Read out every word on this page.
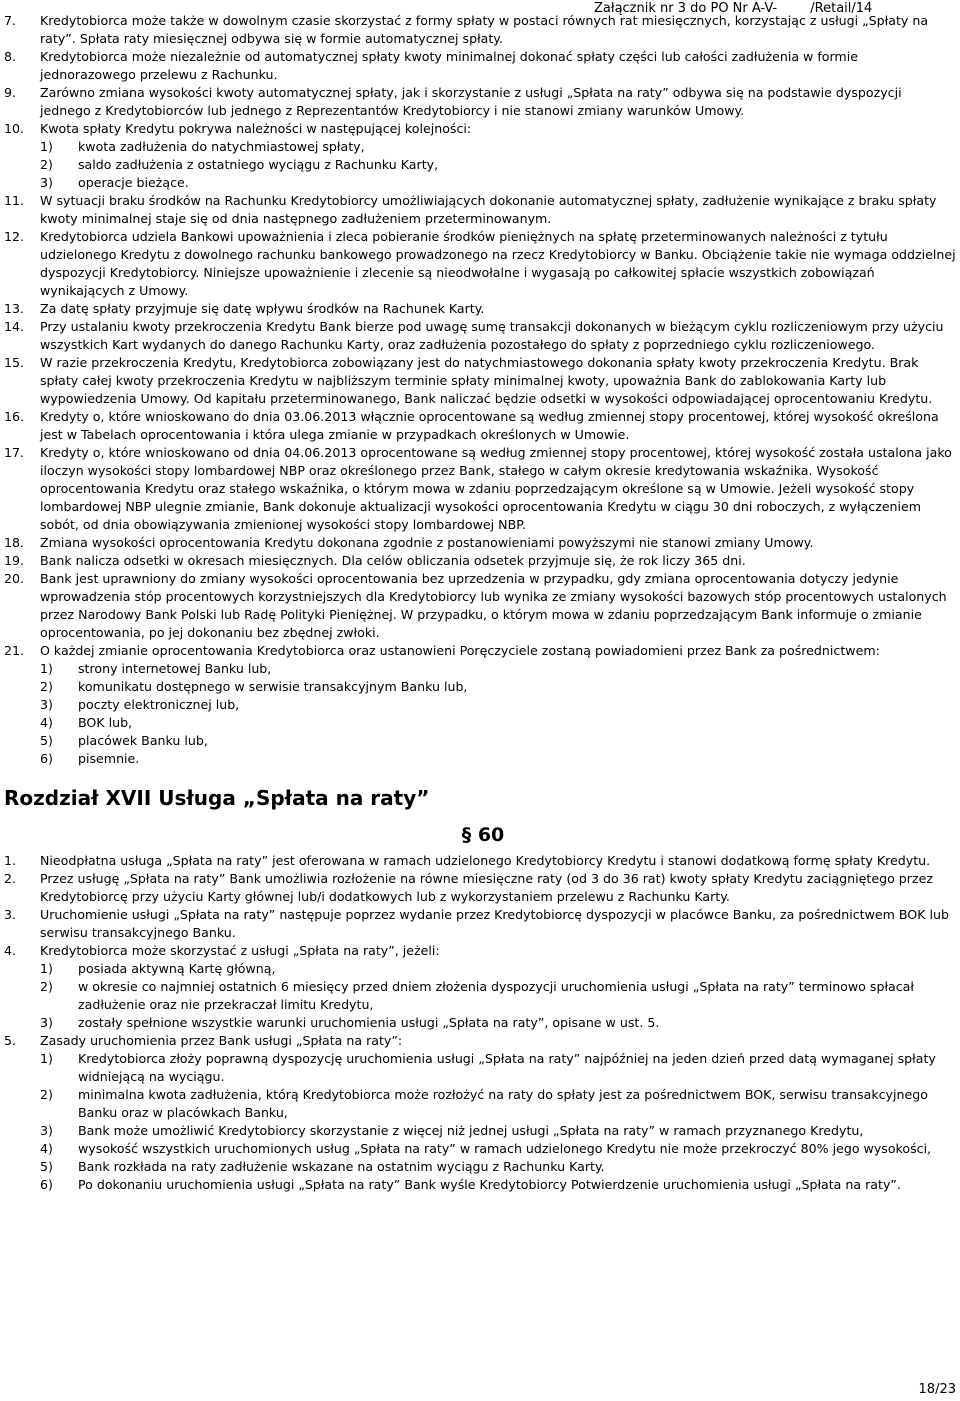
Załącznik nr 3 do PO Nr A-V-        /Retail/14
7. Kredytobiorca może także w dowolnym czasie skorzystać z formy spłaty w postaci równych rat miesięcznych, korzystając z usługi „Spłaty na raty”. Spłata raty miesięcznej odbywa się w formie automatycznej spłaty.
8. Kredytobiorca może niezależnie od automatycznej spłaty kwoty minimalnej dokonać spłaty części lub całości zadłużenia w formie jednorazowego przelewu z Rachunku.
9. Zarówno zmiana wysokości kwoty automatycznej spłaty, jak i skorzystanie z usługi „Spłata na raty” odbywa się na podstawie dyspozycji jednego z Kredytobiorców lub jednego z Reprezentantów Kredytobiorcy i nie stanowi zmiany warunków Umowy.
10. Kwota spłaty Kredytu pokrywa należności w następującej kolejności:
1) kwota zadłużenia do natychmiastowej spłaty,
2) saldo zadłużenia z ostatniego wyciągu z Rachunku Karty,
3) operacje bieżące.
11. W sytuacji braku środków na Rachunku Kredytobiorcy umożliwiających dokonanie automatycznej spłaty, zadłużenie wynikające z braku spłaty kwoty minimalnej staje się od dnia następnego zadłużeniem przeterminowanym.
12. Kredytobiorca udziela Bankowi upoważnienia i zleca pobieranie środków pieniężnych na spłatę przeterminowanych należności z tytułu udzielonego Kredytu z dowolnego rachunku bankowego prowadzonego na rzecz Kredytobiorcy w Banku. Obciążenie takie nie wymaga oddzielnej dyspozycji Kredytobiorcy. Niniejsze upoważnienie i zlecenie są nieodwołalne i wygasają po całkowitej spłacie wszystkich zobowiązań wynikających z Umowy.
13. Za datę spłaty przyjmuje się datę wpływu środków na Rachunek Karty.
14. Przy ustalaniu kwoty przekroczenia Kredytu Bank bierze pod uwagę sumę transakcji dokonanych w bieżącym cyklu rozliczeniowym przy użyciu wszystkich Kart wydanych do danego Rachunku Karty, oraz zadłużenia pozostałego do spłaty z poprzedniego cyklu rozliczeniowego.
15. W razie przekroczenia Kredytu, Kredytobiorca zobowiązany jest do natychmiastowego dokonania spłaty kwoty przekroczenia Kredytu. Brak spłaty całej kwoty przekroczenia Kredytu w najbliższym terminie spłaty minimalnej kwoty, upoważnia Bank do zablokowania Karty lub wypowiedzenia Umowy. Od kapitału przeterminowanego, Bank naliczać będzie odsetki w wysokości odpowiadającej oprocentowaniu Kredytu.
16. Kredyty o, które wnioskowano do dnia 03.06.2013 włącznie oprocentowane są według zmiennej stopy procentowej, której wysokość określona jest w Tabelach oprocentowania i która ulega zmianie w przypadkach określonych w Umowie.
17. Kredyty o, które wnioskowano od dnia 04.06.2013 oprocentowane są według zmiennej stopy procentowej, której wysokość została ustalona jako iloczyn wysokości stopy lombardowej NBP oraz określonego przez Bank, stałego w całym okresie kredytowania wskaźnika. Wysokość oprocentowania Kredytu oraz stałego wskaźnika, o którym mowa w zdaniu poprzedzającym określone są w Umowie. Jeżeli wysokość stopy lombardowej NBP ulegnie zmianie, Bank dokonuje aktualizacji wysokości oprocentowania Kredytu w ciągu 30 dni roboczych, z wyłączeniem sobót, od dnia obowiązywania zmienionej wysokości stopy lombardowej NBP.
18. Zmiana wysokości oprocentowania Kredytu dokonana zgodnie z postanowieniami powyższymi nie stanowi zmiany Umowy.
19. Bank nalicza odsetki w okresach miesięcznych. Dla celów obliczania odsetek przyjmuje się, że rok liczy 365 dni.
20. Bank jest uprawniony do zmiany wysokości oprocentowania bez uprzedzenia w przypadku, gdy zmiana oprocentowania dotyczy jedynie wprowadzenia stóp procentowych korzystniejszych dla Kredytobiorcy lub wynika ze zmiany wysokości bazowych stóp procentowych ustalonych przez Narodowy Bank Polski lub Radę Polityki Pieniężnej. W przypadku, o którym mowa w zdaniu poprzedzającym Bank informuje o zmianie oprocentowania, po jej dokonaniu bez zbędnej zwłoki.
21. O każdej zmianie oprocentowania Kredytobiorca oraz ustanowieni Poręczyciele zostaną powiadomieni przez Bank za pośrednictwem:
1) strony internetowej Banku lub,
2) komunikatu dostępnego w serwisie transakcyjnym Banku lub,
3) poczty elektronicznej lub,
4) BOK lub,
5) placówek Banku lub,
6) pisemnie.
Rozdział XVII Usługa „Spłata na raty”
§ 60
1. Nieodpłatna usługa „Spłata na raty” jest oferowana w ramach udzielonego Kredytobiorcy Kredytu i stanowi dodatkową formę spłaty Kredytu.
2. Przez usługę „Spłata na raty” Bank umożliwia rozłożenie na równe miesięczne raty (od 3 do 36 rat) kwoty spłaty Kredytu zaciągniętego przez Kredytobiorcę przy użyciu Karty głównej lub/i dodatkowych lub z wykorzystaniem przelewu z Rachunku Karty.
3. Uruchomienie usługi „Spłata na raty” następuje poprzez wydanie przez Kredytobiorcę dyspozycji w placówce Banku, za pośrednictwem BOK lub serwisu transakcyjnego Banku.
4. Kredytobiorca może skorzystać z usługi „Spłata na raty”, jeżeli:
1) posiada aktywną Kartę główną,
2) w okresie co najmniej ostatnich 6 miesięcy przed dniem złożenia dyspozycji uruchomienia usługi „Spłata na raty” terminowo spłacał zadłużenie oraz nie przekraczał limitu Kredytu,
3) zostały spełnione wszystkie warunki uruchomienia usługi „Spłata na raty”, opisane w ust. 5.
5. Zasady uruchomienia przez Bank usługi „Spłata na raty”:
1) Kredytobiorca złoży poprawną dyspozycję uruchomienia usługi „Spłata na raty” najpóźniej na jeden dzień przed datą wymaganej spłaty widniejącą na wyciągu.
2) minimalna kwota zadłużenia, którą Kredytobiorca może rozłożyć na raty do spłaty jest za pośrednictwem BOK, serwisu transakcyjnego Banku oraz w placówkach Banku,
3) Bank może umożliwić Kredytobiorcy skorzystanie z więcej niż jednej usługi „Spłata na raty” w ramach przyznanego Kredytu,
4) wysokość wszystkich uruchomionych usług „Spłata na raty” w ramach udzielonego Kredytu nie może przekroczyć 80% jego wysokości,
5) Bank rozkłada na raty zadłużenie wskazane na ostatnim wyciągu z Rachunku Karty.
6) Po dokonaniu uruchomienia usługi „Spłata na raty” Bank wyśle Kredytobiorcy Potwierdzenie uruchomienia usługi „Spłata na raty”.
18/23
